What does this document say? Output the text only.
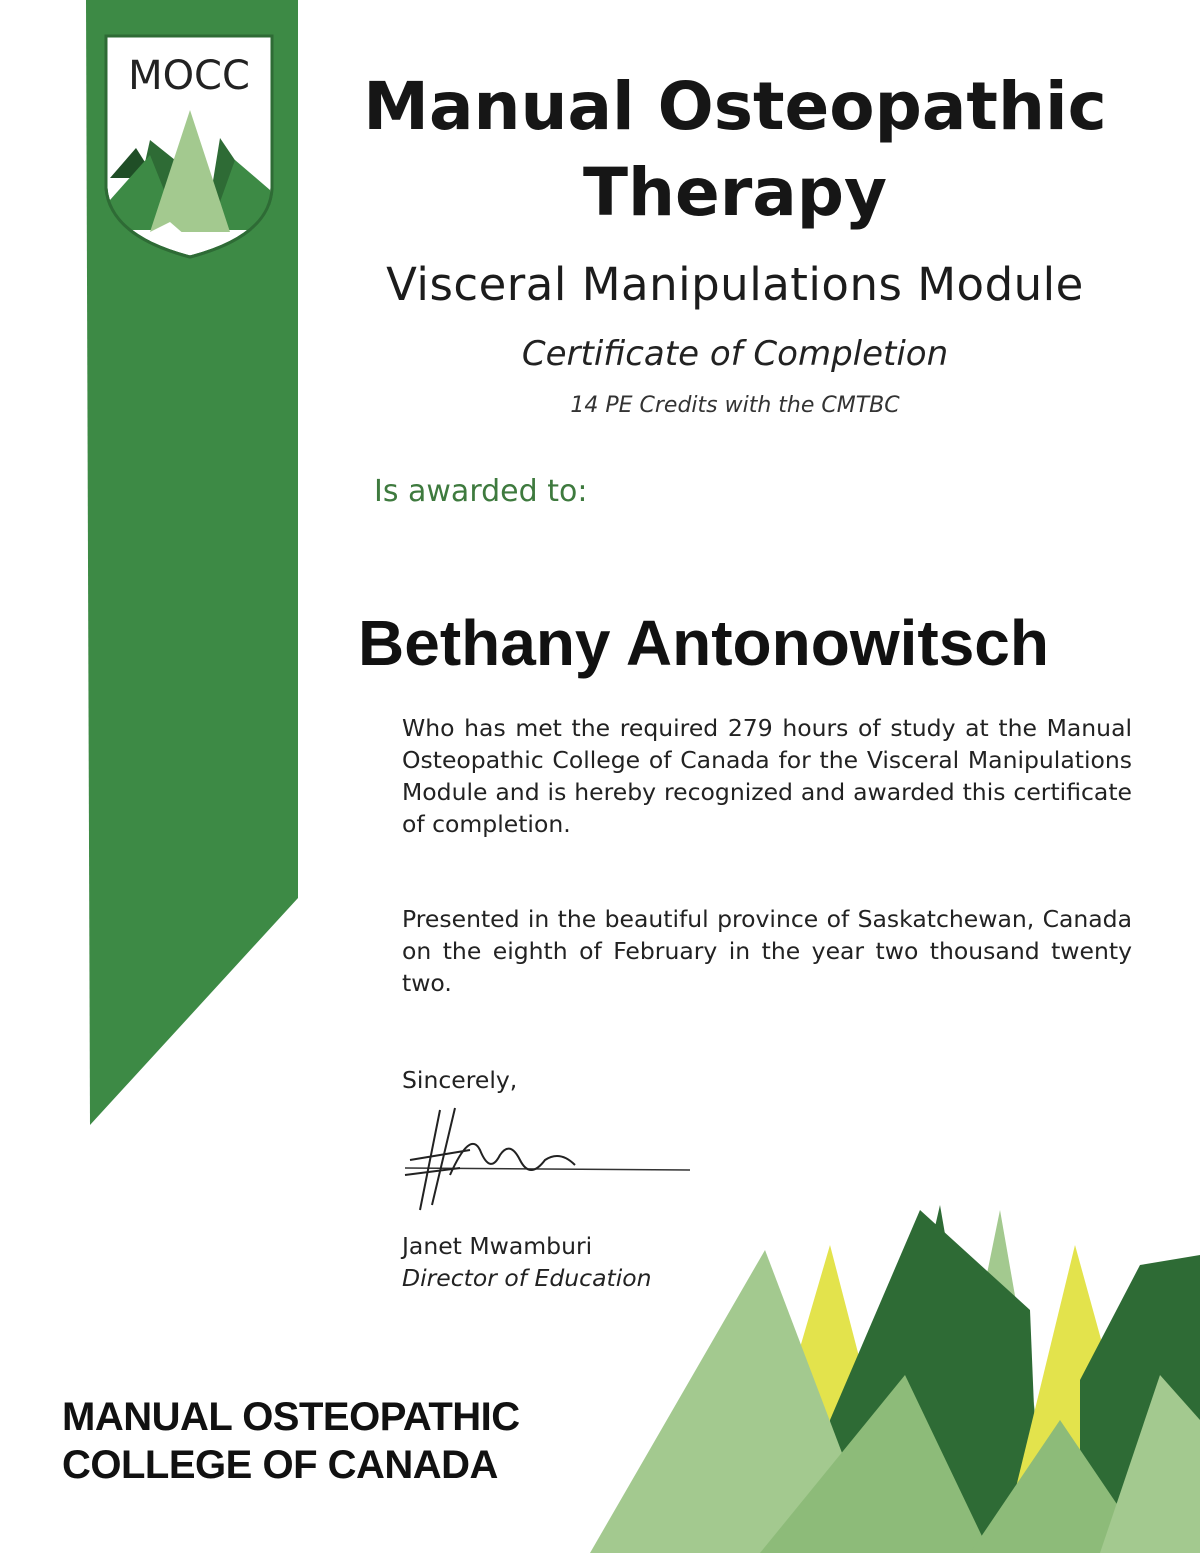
MOCC	Manual Osteopathic
Therapy
Visceral Manipulations Module
Certificate of Completion
14 PE Credits with the CMTBC
Is awarded to:
Bethany Antonowitsch
Who has met the required 279 hours of study at the Manual Osteopathic College of Canada for the Visceral Manipulations Module and is hereby recognized and awarded this certificate of completion.
Presented in the beautiful province of Saskatchewan, Canada on the eighth of February in the year two thousand twenty two.
Sincerely,
Janet Mwamburi
Director of Education
MANUAL OSTEOPATHIC
COLLEGE OF CANADA
